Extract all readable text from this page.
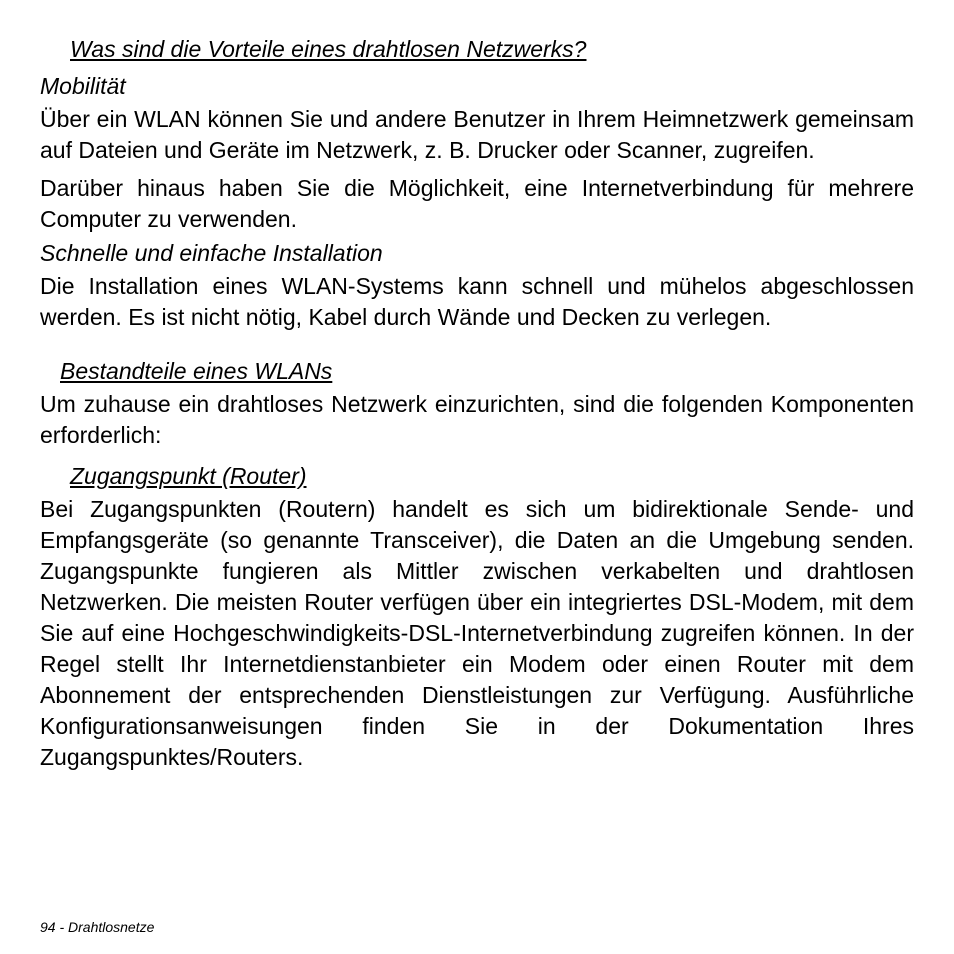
Was sind die Vorteile eines drahtlosen Netzwerks?
Mobilität

Über ein WLAN können Sie und andere Benutzer in Ihrem Heimnetzwerk gemeinsam auf Dateien und Geräte im Netzwerk, z. B. Drucker oder Scanner, zugreifen.

Darüber hinaus haben Sie die Möglichkeit, eine Internetverbindung für mehrere Computer zu verwenden.

Schnelle und einfache Installation

Die Installation eines WLAN-Systems kann schnell und mühelos abgeschlossen werden. Es ist nicht nötig, Kabel durch Wände und Decken zu verlegen.

Bestandteile eines WLANs

Um zuhause ein drahtloses Netzwerk einzurichten, sind die folgenden Komponenten erforderlich:

Zugangspunkt (Router)

Bei Zugangspunkten (Routern) handelt es sich um bidirektionale Sende- und Empfangsgeräte (so genannte Transceiver), die Daten an die Umgebung senden. Zugangspunkte fungieren als Mittler zwischen verkabelten und drahtlosen Netzwerken. Die meisten Router verfügen über ein integriertes DSL-Modem, mit dem Sie auf eine Hochgeschwindigkeits-DSL-Internetverbindung zugreifen können. In der Regel stellt Ihr Internetdienstanbieter ein Modem oder einen Router mit dem Abonnement der entsprechenden Dienstleistungen zur Verfügung. Ausführliche Konfigurationsanweisungen finden Sie in der Dokumentation Ihres Zugangspunktes/Routers.

94 - Drahtlosnetze
